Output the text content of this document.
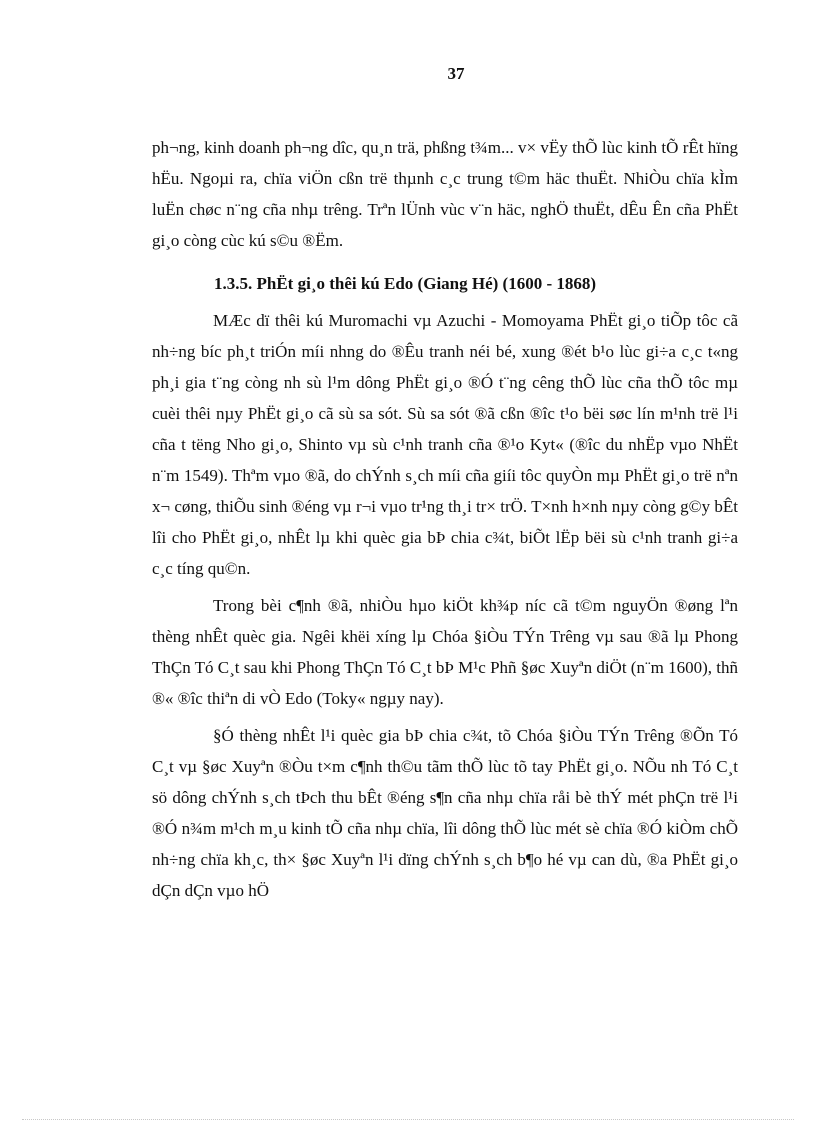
37

ph¬ng, kinh doanh ph¬ng dîc, qu¸n trä, phßng t¾m... v× vËy thÕ lùc kinh tÕ rÊt hïng hËu. Ngoµi ra, chïa viÖn cßn trë thµnh c¸c trung t©m häc thuËt. NhiÒu chïa kÌm luËn chøc n¨ng cña nhµ trêng. Trªn lÜnh vùc v¨n häc, nghÖ thuËt, dÊu Ên cña PhËt gi¸o còng cùc kú s©u ®Ëm.

1.3.5. PhËt gi¸o thêi kú Edo (Giang Hé) (1600 - 1868)

MÆc dï thêi kú Muromachi vµ Azuchi - Momoyama PhËt gi¸o tiÕp tôc cã nh÷ng bíc ph¸t triÓn míi nhng do ®Êu tranh néi bé, xung ®ét b¹o lùc gi÷a c¸c t«ng ph¸i gia t¨ng còng nh sù l¹m dông PhËt gi¸o ®Ó t¨ng cêng thÕ lùc cña thÕ tôc mµ cuèi thêi nµy PhËt gi¸o cã sù sa sót. Sù sa sót ®ã cßn ®îc t¹o bëi søc lín m¹nh trë l¹i cña t tëng Nho gi¸o, Shinto vµ sù c¹nh tranh cña ®¹o Kyt« (®îc du nhËp vµo NhËt n¨m 1549). Thªm vµo ®ã, do chÝnh s¸ch míi cña giíi tôc quyÒn mµ PhËt gi¸o trë nªn x¬ cøng, thiÕu sinh ®éng vµ r¬i vµo tr¹ng th¸i tr× trÖ. T×nh h×nh nµy còng g©y bÊt lîi cho PhËt gi¸o, nhÊt lµ khi quèc gia bÞ chia c¾t, biÕt lËp bëi sù c¹nh tranh gi÷a c¸c tíng qu©n.

Trong bèi c¶nh ®ã, nhiÒu hµo kiÖt kh¾p níc cã t©m nguyÖn ®øng lªn thèng nhÊt quèc gia. Ngêi khëi xíng lµ Chóa §iÒu TÝn Trêng vµ sau ®ã lµ Phong ThÇn Tó C¸t sau khi Phong ThÇn Tó C¸t bÞ M¹c Phñ §øc Xuyªn diÖt (n¨m 1600), thñ ®« ®îc thiªn di vÒ Edo (Toky« ngµy nay).

§Ó thèng nhÊt l¹i quèc gia bÞ chia c¾t, tõ Chóa §iÒu TÝn Trêng ®Õn Tó C¸t vµ §øc Xuyªn ®Òu t×m c¶nh th©u tãm thÕ lùc tõ tay PhËt gi¸o. NÕu nh Tó C¸t sö dông chÝnh s¸ch tÞch thu bÊt ®éng s¶n cña nhµ chïa råi bè thÝ mét phÇn trë l¹i ®Ó n¾m m¹ch m¸u kinh tÕ cña nhµ chïa, lîi dông thÕ lùc mét sè chïa ®Ó kiÒm chÕ nh÷ng chïa kh¸c, th× §øc Xuyªn l¹i dïng chÝnh s¸ch b¶o hé vµ can dù, ®a PhËt gi¸o dÇn dÇn vµo hÖ
